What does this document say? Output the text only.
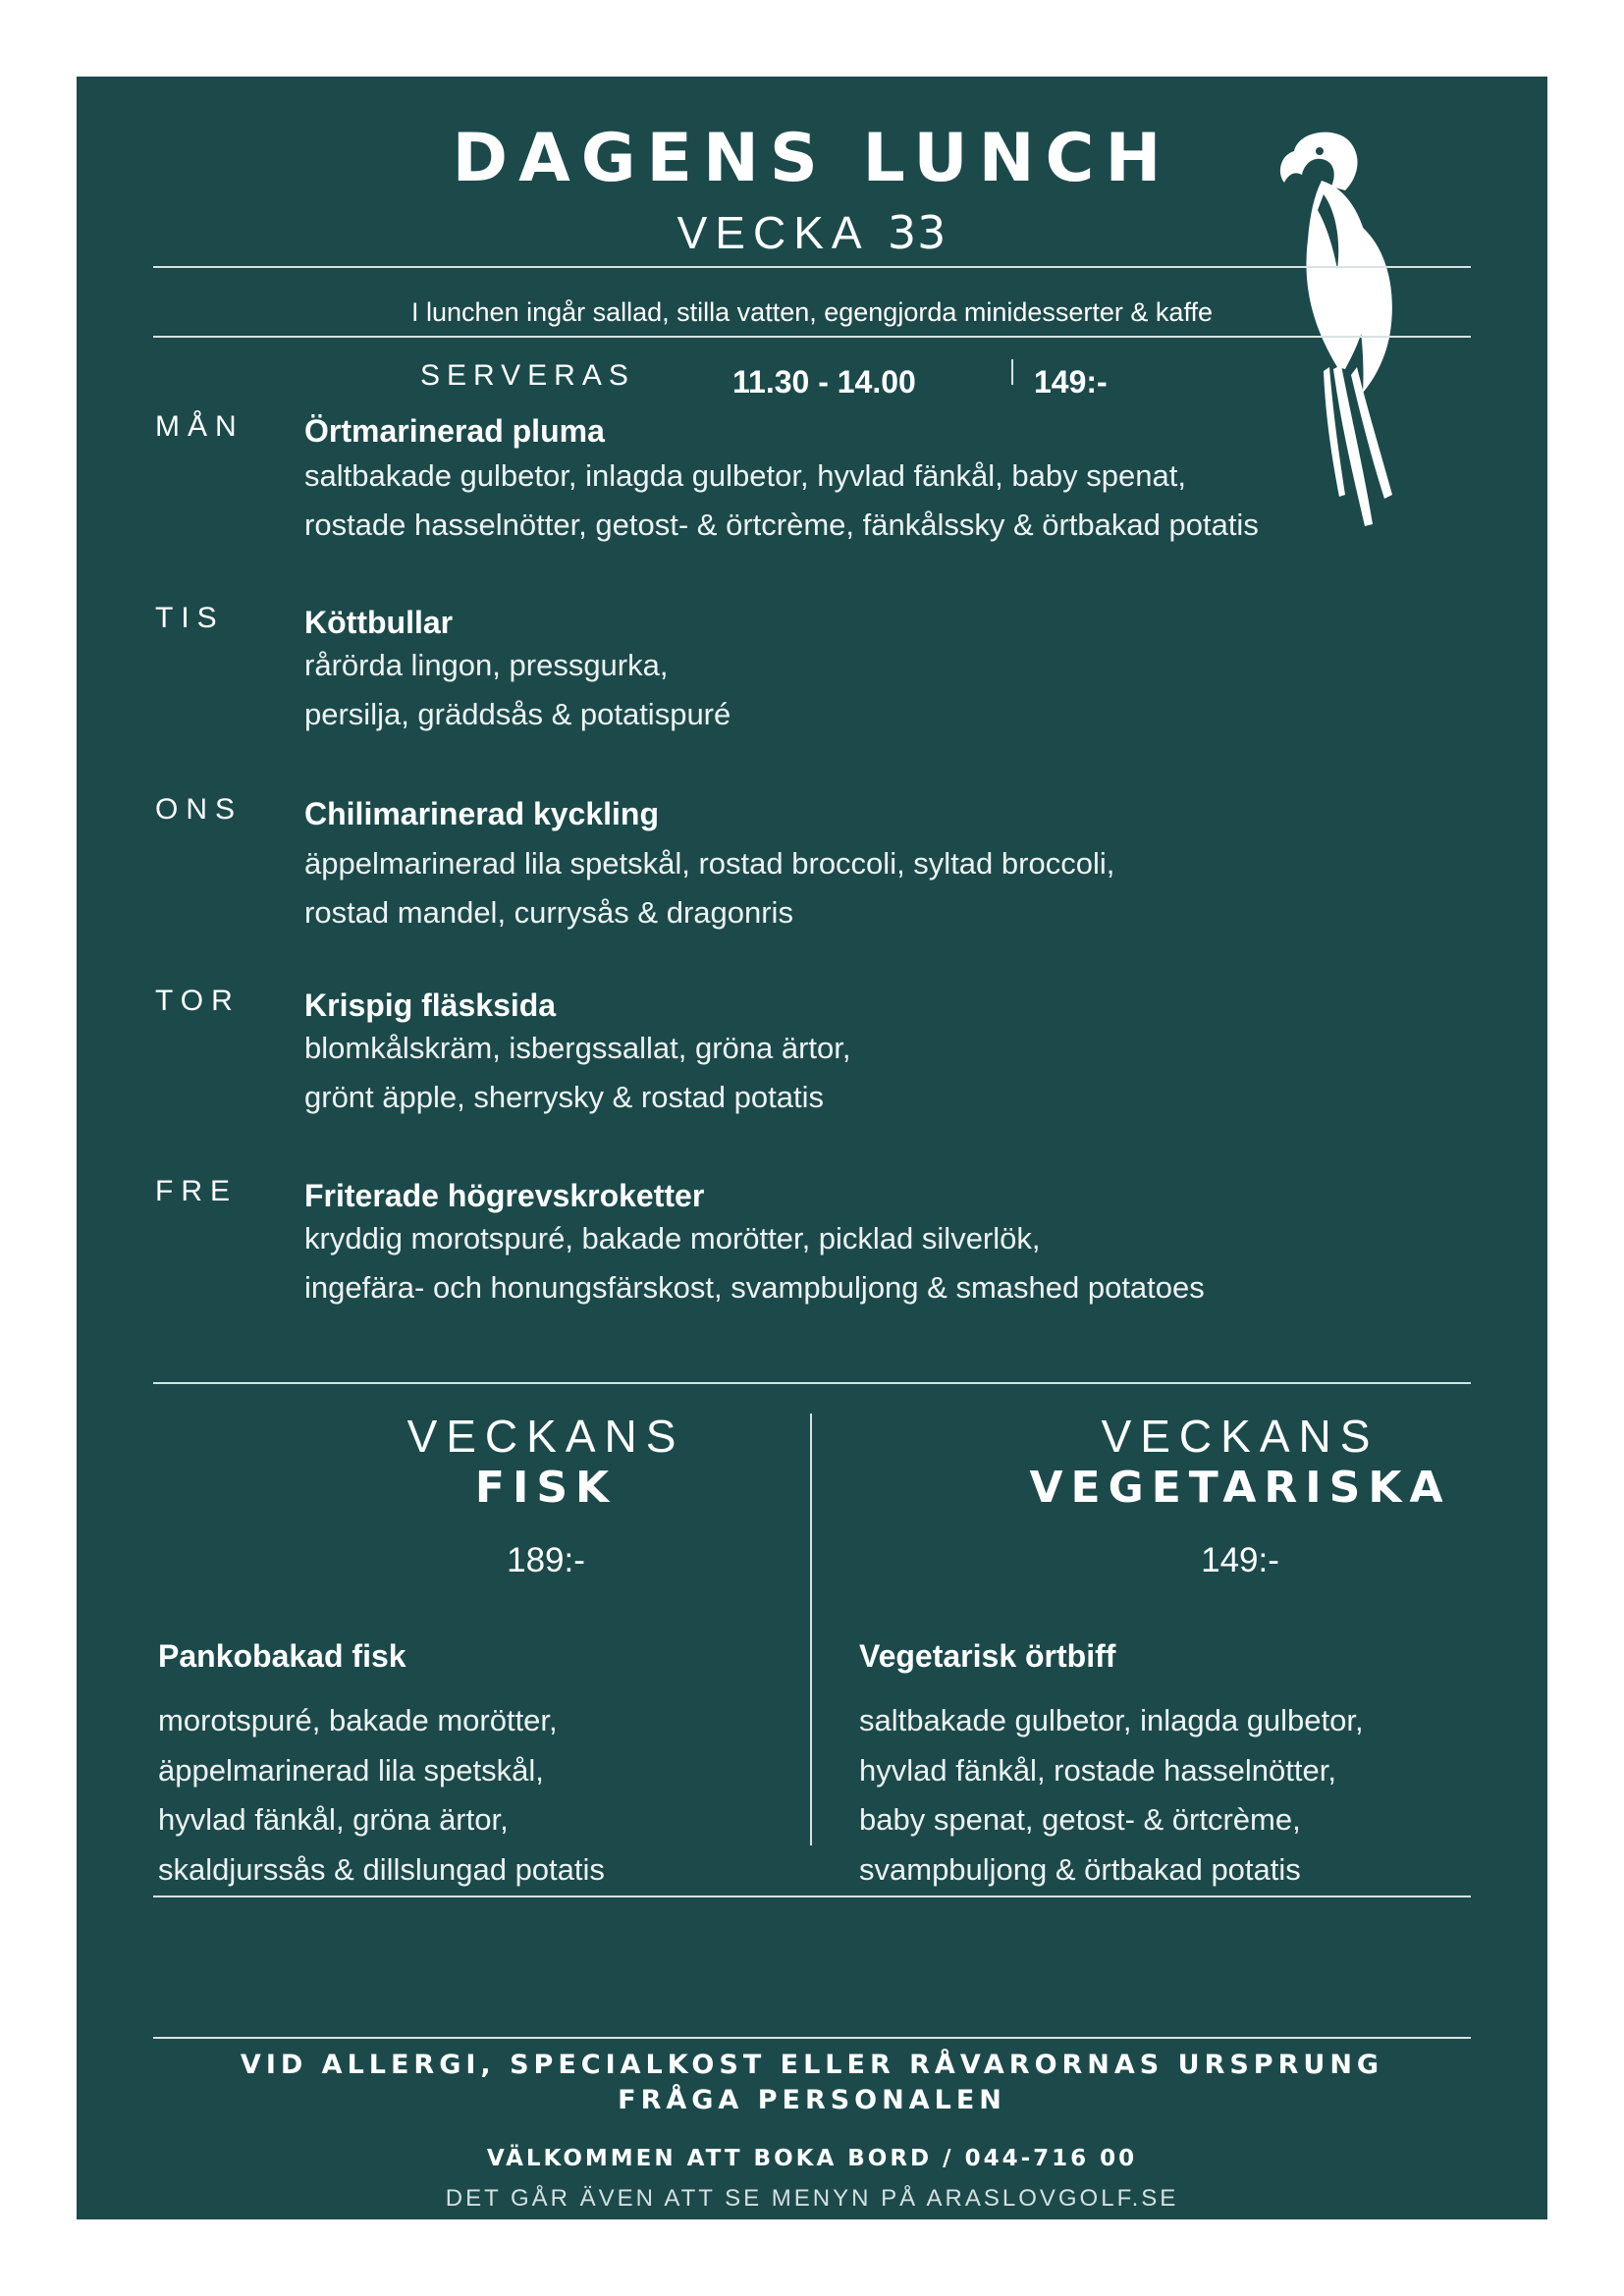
DAGENS LUNCH
VECKA 33
I lunchen ingår sallad, stilla vatten, egengjorda minidesserter & kaffe
SERVERAS	11.30 - 14.00	149:-
MÅN Örtmarinerad pluma
saltbakade gulbetor, inlagda gulbetor, hyvlad fänkål, baby spenat,
rostade hasselnötter, getost- & örtcrème, fänkålssky & örtbakad potatis
TIS	Köttbullar
rårörda lingon, pressgurka,
persilja, gräddsås & potatispuré
ONS Chilimarinerad kyckling
äppelmarinerad lila spetskål, rostad broccoli, syltad broccoli,
rostad mandel, currysås & dragonris
TOR Krispig fläsksida
blomkålskräm, isbergssallat, gröna ärtor,
grönt äpple, sherrysky & rostad potatis
FRE Friterade högrevskroketter
kryddig morotspuré, bakade morötter, picklad silverlök,
ingefära- och honungsfärskost, svampbuljong & smashed potatoes
VECKANS
FISK
189:-
Pankobakad fisk
morotspuré, bakade morötter,
äppelmarinerad lila spetskål,
hyvlad fänkål, gröna ärtor,
skaldjurssås & dillslungad potatis
VECKANS
VEGETARISKA
149:-
Vegetarisk örtbiff
saltbakade gulbetor, inlagda gulbetor,
hyvlad fänkål, rostade hasselnötter,
baby spenat, getost- & örtcrème,
svampbuljong & örtbakad potatis
VID ALLERGI, SPECIALKOST ELLER RÅVARORNAS URSPRUNG
FRÅGA PERSONALEN
VÄLKOMMEN ATT BOKA BORD / 044-716 00
DET GÅR ÄVEN ATT SE MENYN PÅ ARASLOVGOLF.SE
